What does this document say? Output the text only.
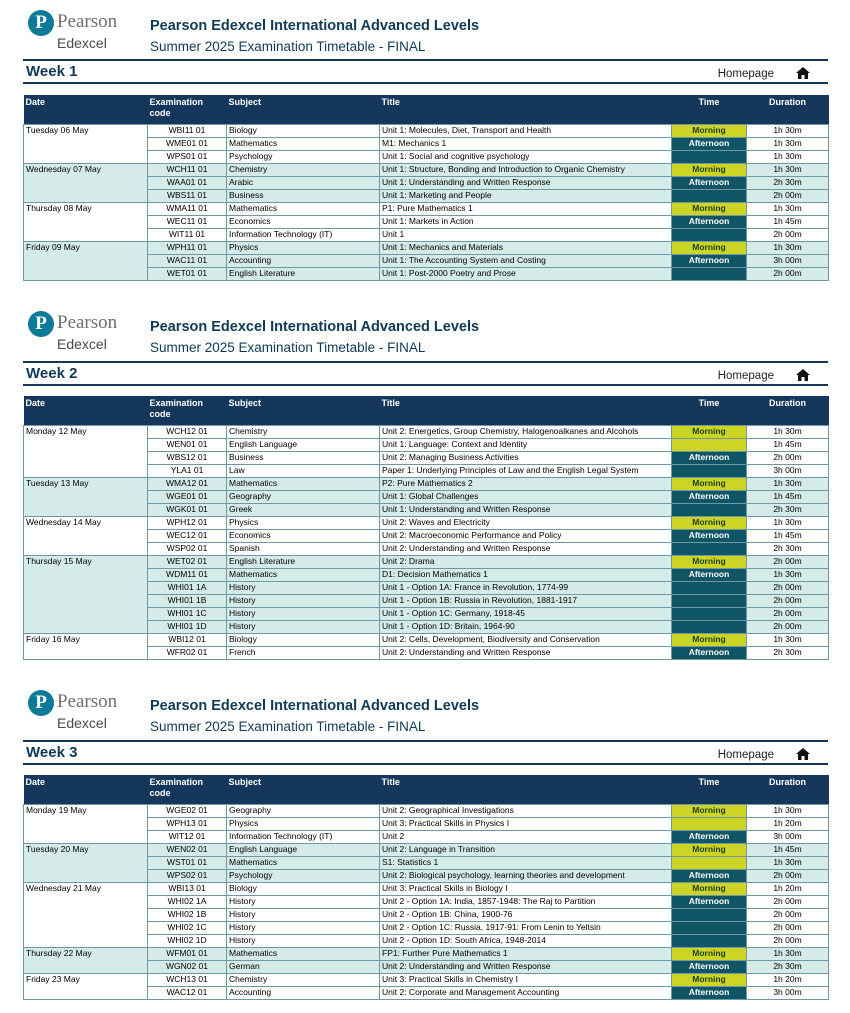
P Pearson
Edexcel
Pearson Edexcel International Advanced Levels
Summer 2025 Examination Timetable - FINAL
Week 1	Homepage
Date	Examination code	Subject	Title	Time	Duration
Tuesday 06 May	WBI11 01	Biology	Unit 1: Molecules, Diet, Transport and Health	Morning	1h 30m
	WME01 01	Mathematics	M1: Mechanics 1	Afternoon	1h 30m
	WPS01 01	Psychology	Unit 1: Social and cognitive psychology		1h 30m
Wednesday 07 May	WCH11 01	Chemistry	Unit 1: Structure, Bonding and Introduction to Organic Chemistry	Morning	1h 30m
	WAA01 01	Arabic	Unit 1: Understanding and Written Response	Afternoon	2h 30m
	WBS11 01	Business	Unit 1: Marketing and People		2h 00m
Thursday 08 May	WMA11 01	Mathematics	P1: Pure Mathematics 1	Morning	1h 30m
	WEC11 01	Economics	Unit 1: Markets in Action	Afternoon	1h 45m
	WIT11 01	Information Technology (IT)	Unit 1		2h 00m
Friday 09 May	WPH11 01	Physics	Unit 1: Mechanics and Materials	Morning	1h 30m
	WAC11 01	Accounting	Unit 1: The Accounting System and Costing	Afternoon	3h 00m
	WET01 01	English Literature	Unit 1: Post-2000 Poetry and Prose		2h 00m
P Pearson
Edexcel
Pearson Edexcel International Advanced Levels
Summer 2025 Examination Timetable - FINAL
Week 2	Homepage
Date	Examination code	Subject	Title	Time	Duration
Monday 12 May	WCH12 01	Chemistry	Unit 2: Energetics, Group Chemistry, Halogenoalkanes and Alcohols	Morning	1h 30m
	WEN01 01	English Language	Unit 1: Language: Context and Identity		1h 45m
	WBS12 01	Business	Unit 2: Managing Business Activities	Afternoon	2h 00m
	YLA1 01	Law	Paper 1: Underlying Principles of Law and the English Legal System		3h 00m
Tuesday 13 May	WMA12 01	Mathematics	P2: Pure Mathematics 2	Morning	1h 30m
	WGE01 01	Geography	Unit 1: Global Challenges	Afternoon	1h 45m
	WGK01 01	Greek	Unit 1: Understanding and Written Response		2h 30m
Wednesday 14 May	WPH12 01	Physics	Unit 2: Waves and Electricity	Morning	1h 30m
	WEC12 01	Economics	Unit 2: Macroeconomic Performance and Policy	Afternoon	1h 45m
	WSP02 01	Spanish	Unit 2: Understanding and Written Response		2h 30m
Thursday 15 May	WET02 01	English Literature	Unit 2: Drama	Morning	2h 00m
	WDM11 01	Mathematics	D1: Decision Mathematics 1	Afternoon	1h 30m
	WHI01 1A	History	Unit 1 - Option 1A: France in Revolution, 1774-99		2h 00m
	WHI01 1B	History	Unit 1 - Option 1B: Russia in Revolution, 1881-1917		2h 00m
	WHI01 1C	History	Unit 1 - Option 1C: Germany, 1918-45		2h 00m
	WHI01 1D	History	Unit 1 - Option 1D: Britain, 1964-90		2h 00m
Friday 16 May	WBI12 01	Biology	Unit 2: Cells, Development, Biodiversity and Conservation	Morning	1h 30m
	WFR02 01	French	Unit 2: Understanding and Written Response	Afternoon	2h 30m
P Pearson
Edexcel
Pearson Edexcel International Advanced Levels
Summer 2025 Examination Timetable - FINAL
Week 3	Homepage
Date	Examination code	Subject	Title	Time	Duration
Monday 19 May	WGE02 01	Geography	Unit 2: Geographical Investigations	Morning	1h 30m
	WPH13 01	Physics	Unit 3: Practical Skills in Physics I		1h 20m
	WIT12 01	Information Technology (IT)	Unit 2	Afternoon	3h 00m
Tuesday 20 May	WEN02 01	English Language	Unit 2: Language in Transition	Morning	1h 45m
	WST01 01	Mathematics	S1: Statistics 1		1h 30m
	WPS02 01	Psychology	Unit 2: Biological psychology, learning theories and development	Afternoon	2h 00m
Wednesday 21 May	WBI13 01	Biology	Unit 3: Practical Skills in Biology I	Morning	1h 20m
	WHI02 1A	History	Unit 2 - Option 1A: India, 1857-1948: The Raj to Partition	Afternoon	2h 00m
	WHI02 1B	History	Unit 2 - Option 1B: China, 1900-76		2h 00m
	WHI02 1C	History	Unit 2 - Option 1C: Russia, 1917-91: From Lenin to Yeltsin		2h 00m
	WHI02 1D	History	Unit 2 - Option 1D: South Africa, 1948-2014		2h 00m
Thursday 22 May	WFM01 01	Mathematics	FP1: Further Pure Mathematics 1	Morning	1h 30m
	WGN02 01	German	Unit 2: Understanding and Written Response	Afternoon	2h 30m
Friday 23 May	WCH13 01	Chemistry	Unit 3: Practical Skills in Chemistry I	Morning	1h 20m
	WAC12 01	Accounting	Unit 2: Corporate and Management Accounting	Afternoon	3h 00m
